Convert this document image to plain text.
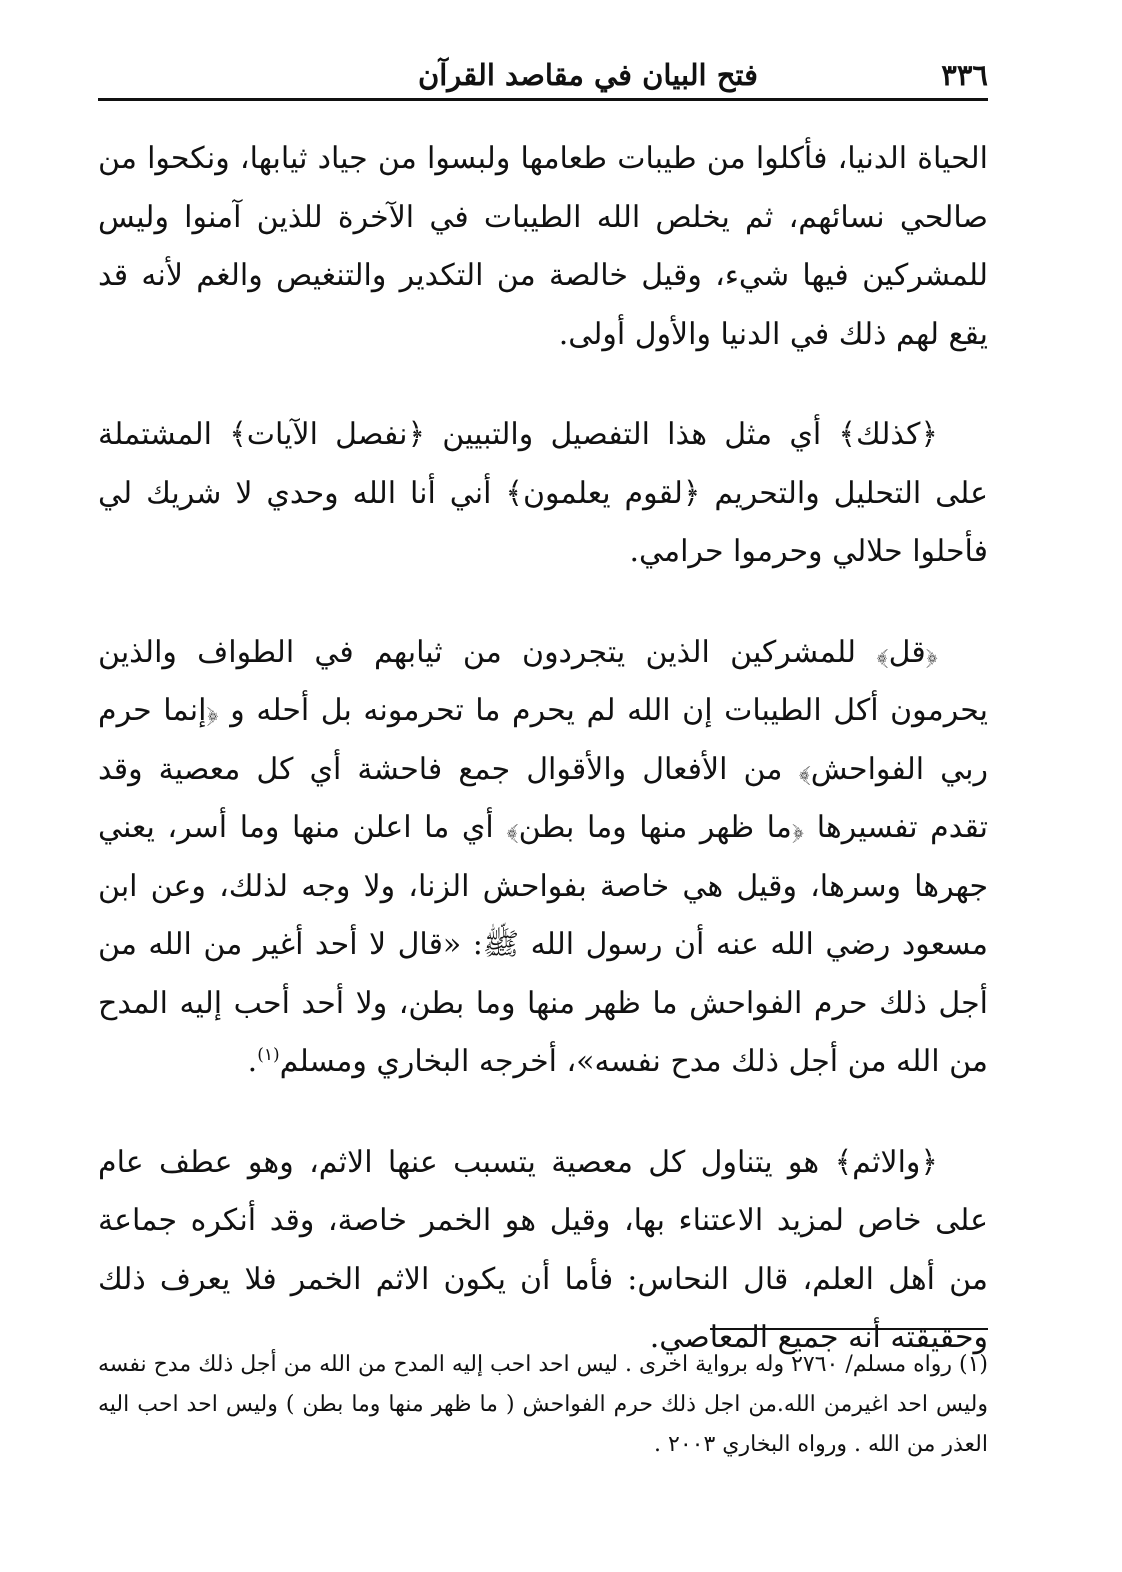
٣٣٦
فتح البيان في مقاصد القرآن

الحياة الدنيا، فأكلوا من طيبات طعامها ولبسوا من جياد ثيابها، ونكحوا من صالحي نسائهم، ثم يخلص الله الطيبات في الآخرة للذين آمنوا وليس للمشركين فيها شيء، وقيل خالصة من التكدير والتنغيص والغم لأنه قد يقع لهم ذلك في الدنيا والأول أولى.

﴿كذلك﴾ أي مثل هذا التفصيل والتبيين ﴿نفصل الآيات﴾ المشتملة على التحليل والتحريم ﴿لقوم يعلمون﴾ أني أنا الله وحدي لا شريك لي فأحلوا حلالي وحرموا حرامي.

﴿قل﴾ للمشركين الذين يتجردون من ثيابهم في الطواف والذين يحرمون أكل الطيبات إن الله لم يحرم ما تحرمونه بل أحله و ﴿إنما حرم ربي الفواحش﴾ من الأفعال والأقوال جمع فاحشة أي كل معصية وقد تقدم تفسيرها ﴿ما ظهر منها وما بطن﴾ أي ما اعلن منها وما أسر، يعني جهرها وسرها، وقيل هي خاصة بفواحش الزنا، ولا وجه لذلك، وعن ابن مسعود رضي الله عنه أن رسول الله ﷺ: «قال لا أحد أغير من الله من أجل ذلك حرم الفواحش ما ظهر منها وما بطن، ولا أحد أحب إليه المدح من الله من أجل ذلك مدح نفسه»، أخرجه البخاري ومسلم$^{(١)}$.

﴿والاثم﴾ هو يتناول كل معصية يتسبب عنها الاثم، وهو عطف عام على خاص لمزيد الاعتناء بها، وقيل هو الخمر خاصة، وقد أنكره جماعة من أهل العلم، قال النحاس: فأما أن يكون الاثم الخمر فلا يعرف ذلك وحقيقته أنه جميع المعاصي.

(١) رواه مسلم/ ٢٧٦٠ وله برواية اخرى . ليس احد احب إليه المدح من الله من أجل ذلك مدح نفسه وليس احد اغيرمن الله.من اجل ذلك حرم الفواحش ( ما ظهر منها وما بطن ) وليس احد احب اليه العذر من الله . ورواه البخاري ٢٠٠٣ .
